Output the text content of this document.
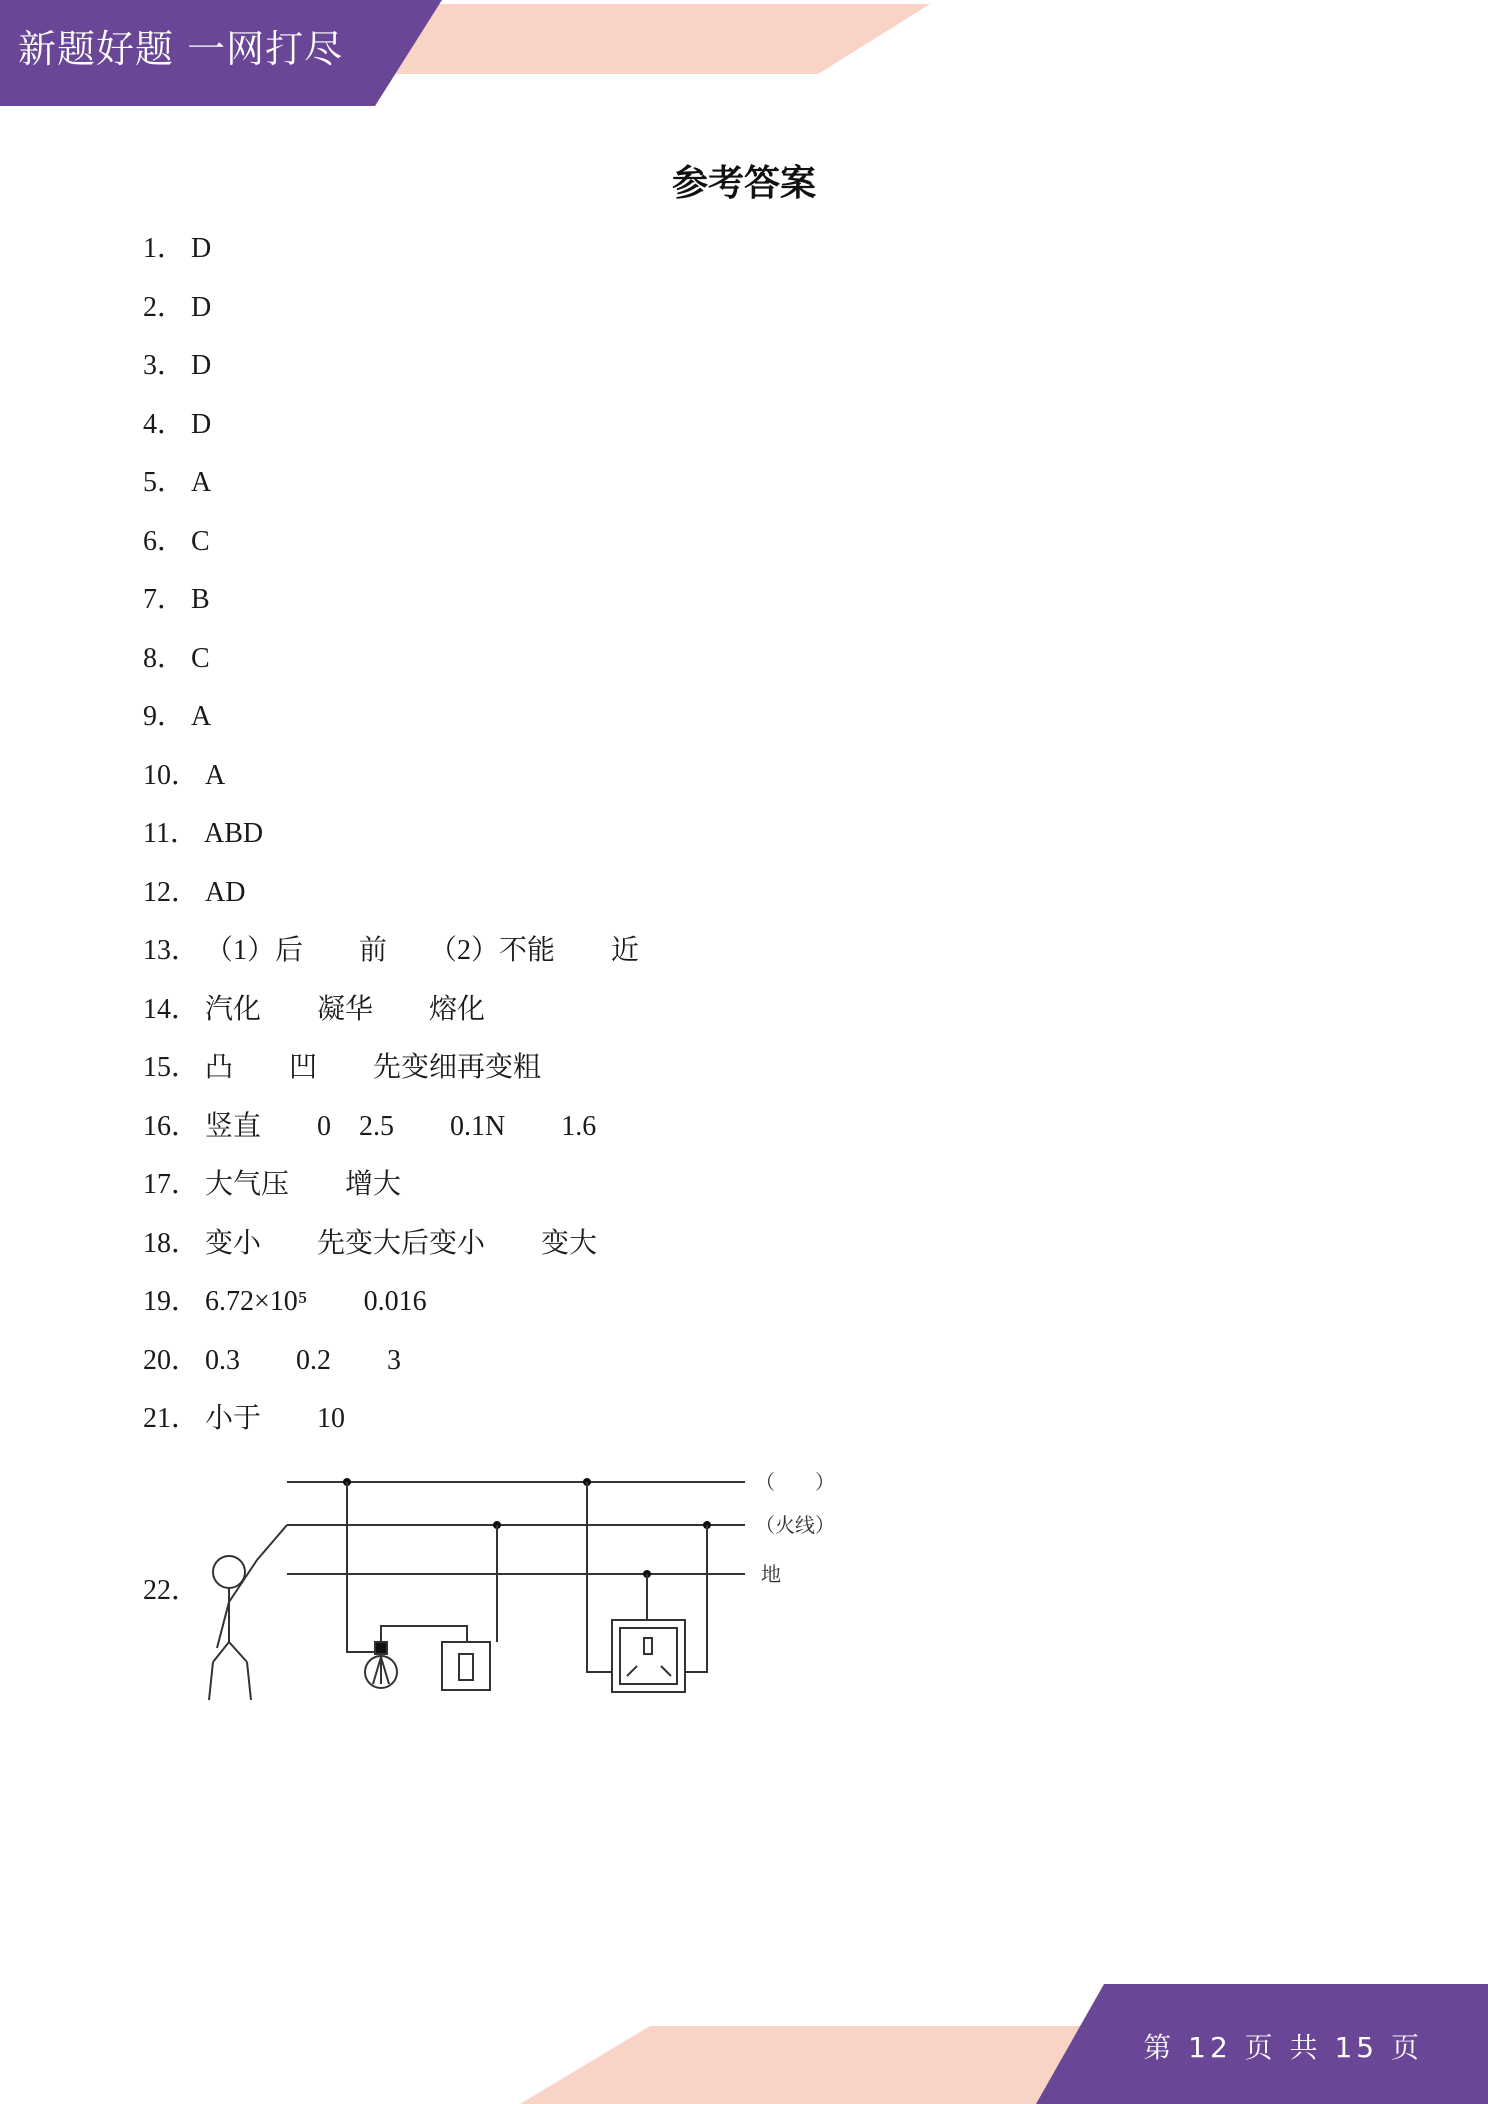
新题好题 一网打尽
参考答案
1． D
2． D
3． D
4． D
5． A
6． C
7． B
8． C
9． A
10． A
11． ABD
12． AD
13． （1）后　　前　　（2）不能　　近
14． 汽化　　凝华　　熔化
15． 凸　　凹　　先变细再变粗
16． 竖直　　0　2.5　　0.1N　　1.6
17． 大气压　　增大
18． 变小　　先变大后变小　　变大
19． 6.72×10⁵　　0.016
20． 0.3　　0.2　　3
21． 小于　　10
22．
（　　）
（火线）
地
第 12 页 共 15 页
